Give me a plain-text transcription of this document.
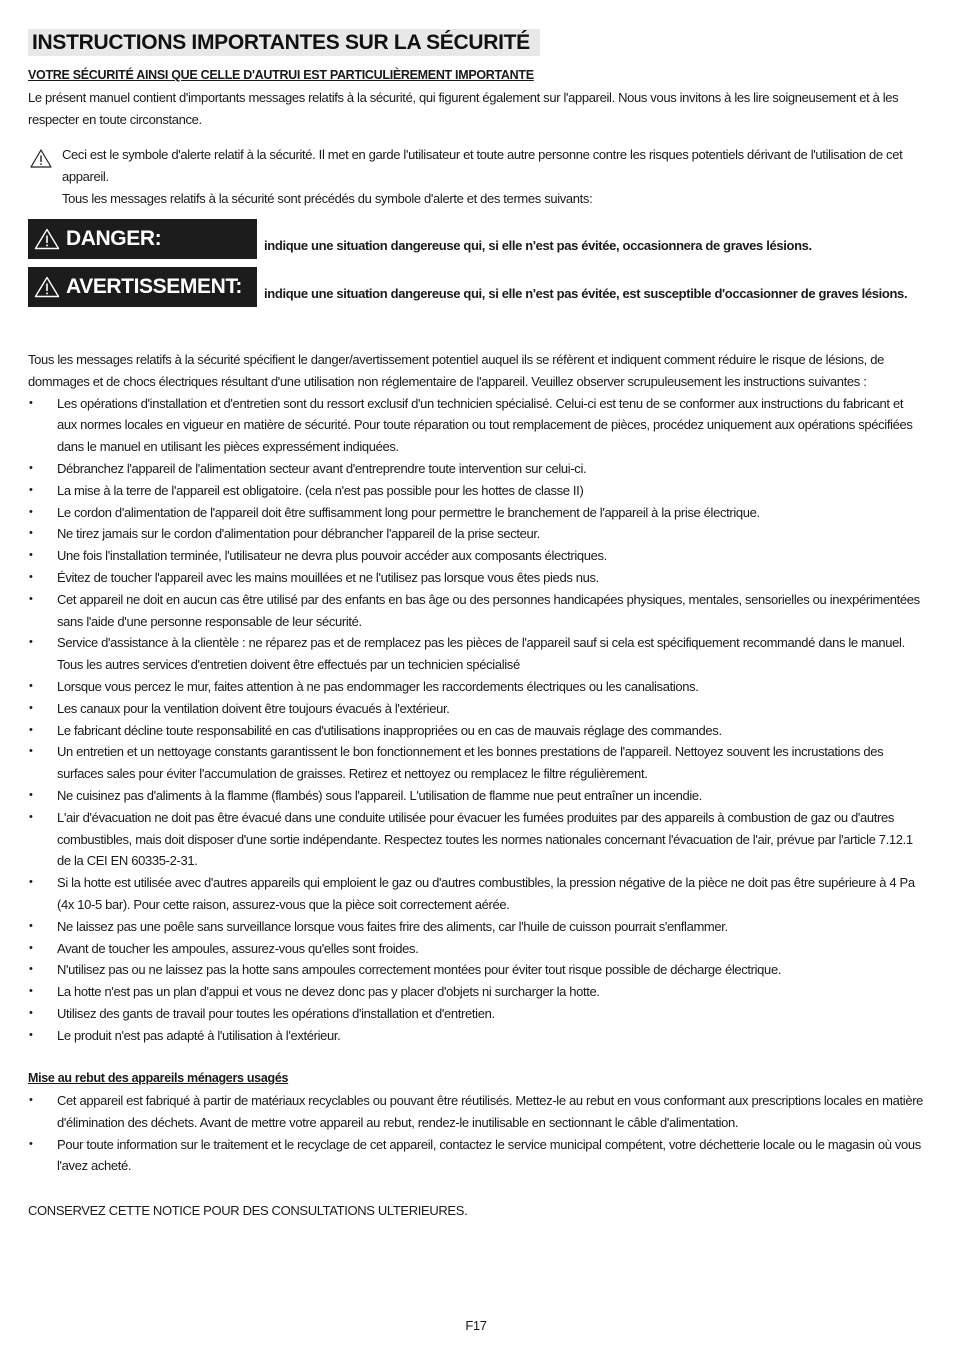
INSTRUCTIONS IMPORTANTES SUR LA SÉCURITÉ
VOTRE SÉCURITÉ AINSI QUE CELLE D'AUTRUI EST PARTICULIÈREMENT IMPORTANTE
Le présent manuel contient d'importants messages relatifs à la sécurité, qui figurent également sur l'appareil. Nous vous invitons à les lire soigneusement et à les respecter en toute circonstance.
Ceci est le symbole d'alerte relatif à la sécurité. Il met en garde l'utilisateur et toute autre personne contre les risques potentiels dérivant de l'utilisation de cet appareil.
Tous les messages relatifs à la sécurité sont précédés du symbole d'alerte et des termes suivants:
DANGER:	indique une situation dangereuse qui, si elle n'est pas évitée, occasionnera de graves lésions.
AVERTISSEMENT: indique une situation dangereuse qui, si elle n'est pas évitée, est susceptible d'occasionner de graves lésions.
Tous les messages relatifs à la sécurité spécifient le danger/avertissement potentiel auquel ils se réfèrent et indiquent comment réduire le risque de lésions, de dommages et de chocs électriques résultant d'une utilisation non réglementaire de l'appareil. Veuillez observer scrupuleusement les instructions suivantes :
• Les opérations d'installation et d'entretien sont du ressort exclusif d'un technicien spécialisé. Celui-ci est tenu de se conformer aux instructions du fabricant et aux normes locales en vigueur en matière de sécurité. Pour toute réparation ou tout remplacement de pièces, procédez uniquement aux opérations spécifiées dans le manuel en utilisant les pièces expressément indiquées.
• Débranchez l'appareil de l'alimentation secteur avant d'entreprendre toute intervention sur celui-ci.
• La mise à la terre de l'appareil est obligatoire. (cela n'est pas possible pour les hottes de classe II)
• Le cordon d'alimentation de l'appareil doit être suffisamment long pour permettre le branchement de l'appareil à la prise électrique.
• Ne tirez jamais sur le cordon d'alimentation pour débrancher l'appareil de la prise secteur.
• Une fois l'installation terminée, l'utilisateur ne devra plus pouvoir accéder aux composants électriques.
• Évitez de toucher l'appareil avec les mains mouillées et ne l'utilisez pas lorsque vous êtes pieds nus.
• Cet appareil ne doit en aucun cas être utilisé par des enfants en bas âge ou des personnes handicapées physiques, mentales, sensorielles ou inexpérimentées sans l'aide d'une personne responsable de leur sécurité.
• Service d'assistance à la clientèle : ne réparez pas et de remplacez pas les pièces de l'appareil sauf si cela est spécifiquement recommandé dans le manuel. Tous les autres services d'entretien doivent être effectués par un technicien spécialisé
• Lorsque vous percez le mur, faites attention à ne pas endommager les raccordements électriques ou les canalisations.
• Les canaux pour la ventilation doivent être toujours évacués à l'extérieur.
• Le fabricant décline toute responsabilité en cas d'utilisations inappropriées ou en cas de mauvais réglage des commandes.
• Un entretien et un nettoyage constants garantissent le bon fonctionnement et les bonnes prestations de l'appareil. Nettoyez souvent les incrustations des surfaces sales pour éviter l'accumulation de graisses. Retirez et nettoyez ou remplacez le filtre régulièrement.
• Ne cuisinez pas d'aliments à la flamme (flambés) sous l'appareil. L'utilisation de flamme nue peut entraîner un incendie.
• L'air d'évacuation ne doit pas être évacué dans une conduite utilisée pour évacuer les fumées produites par des appareils à combustion de gaz ou d'autres combustibles, mais doit disposer d'une sortie indépendante. Respectez toutes les normes nationales concernant l'évacuation de l'air, prévue par l'article 7.12.1 de la CEI EN 60335-2-31.
• Si la hotte est utilisée avec d'autres appareils qui emploient le gaz ou d'autres combustibles, la pression négative de la pièce ne doit pas être supérieure à 4 Pa (4x 10-5 bar). Pour cette raison, assurez-vous que la pièce soit correctement aérée.
• Ne laissez pas une poêle sans surveillance lorsque vous faites frire des aliments, car l'huile de cuisson pourrait s'enflammer.
• Avant de toucher les ampoules, assurez-vous qu'elles sont froides.
• N'utilisez pas ou ne laissez pas la hotte sans ampoules correctement montées pour éviter tout risque possible de décharge électrique.
• La hotte n'est pas un plan d'appui et vous ne devez donc pas y placer d'objets ni surcharger la hotte.
• Utilisez des gants de travail pour toutes les opérations d'installation et d'entretien.
• Le produit n'est pas adapté à l'utilisation à l'extérieur.
Mise au rebut des appareils ménagers usagés
• Cet appareil est fabriqué à partir de matériaux recyclables ou pouvant être réutilisés. Mettez-le au rebut en vous conformant aux prescriptions locales en matière d'élimination des déchets. Avant de mettre votre appareil au rebut, rendez-le inutilisable en sectionnant le câble d'alimentation.
• Pour toute information sur le traitement et le recyclage de cet appareil, contactez le service municipal compétent, votre déchetterie locale ou le magasin où vous l'avez acheté.
CONSERVEZ CETTE NOTICE POUR DES CONSULTATIONS ULTERIEURES.
F17
